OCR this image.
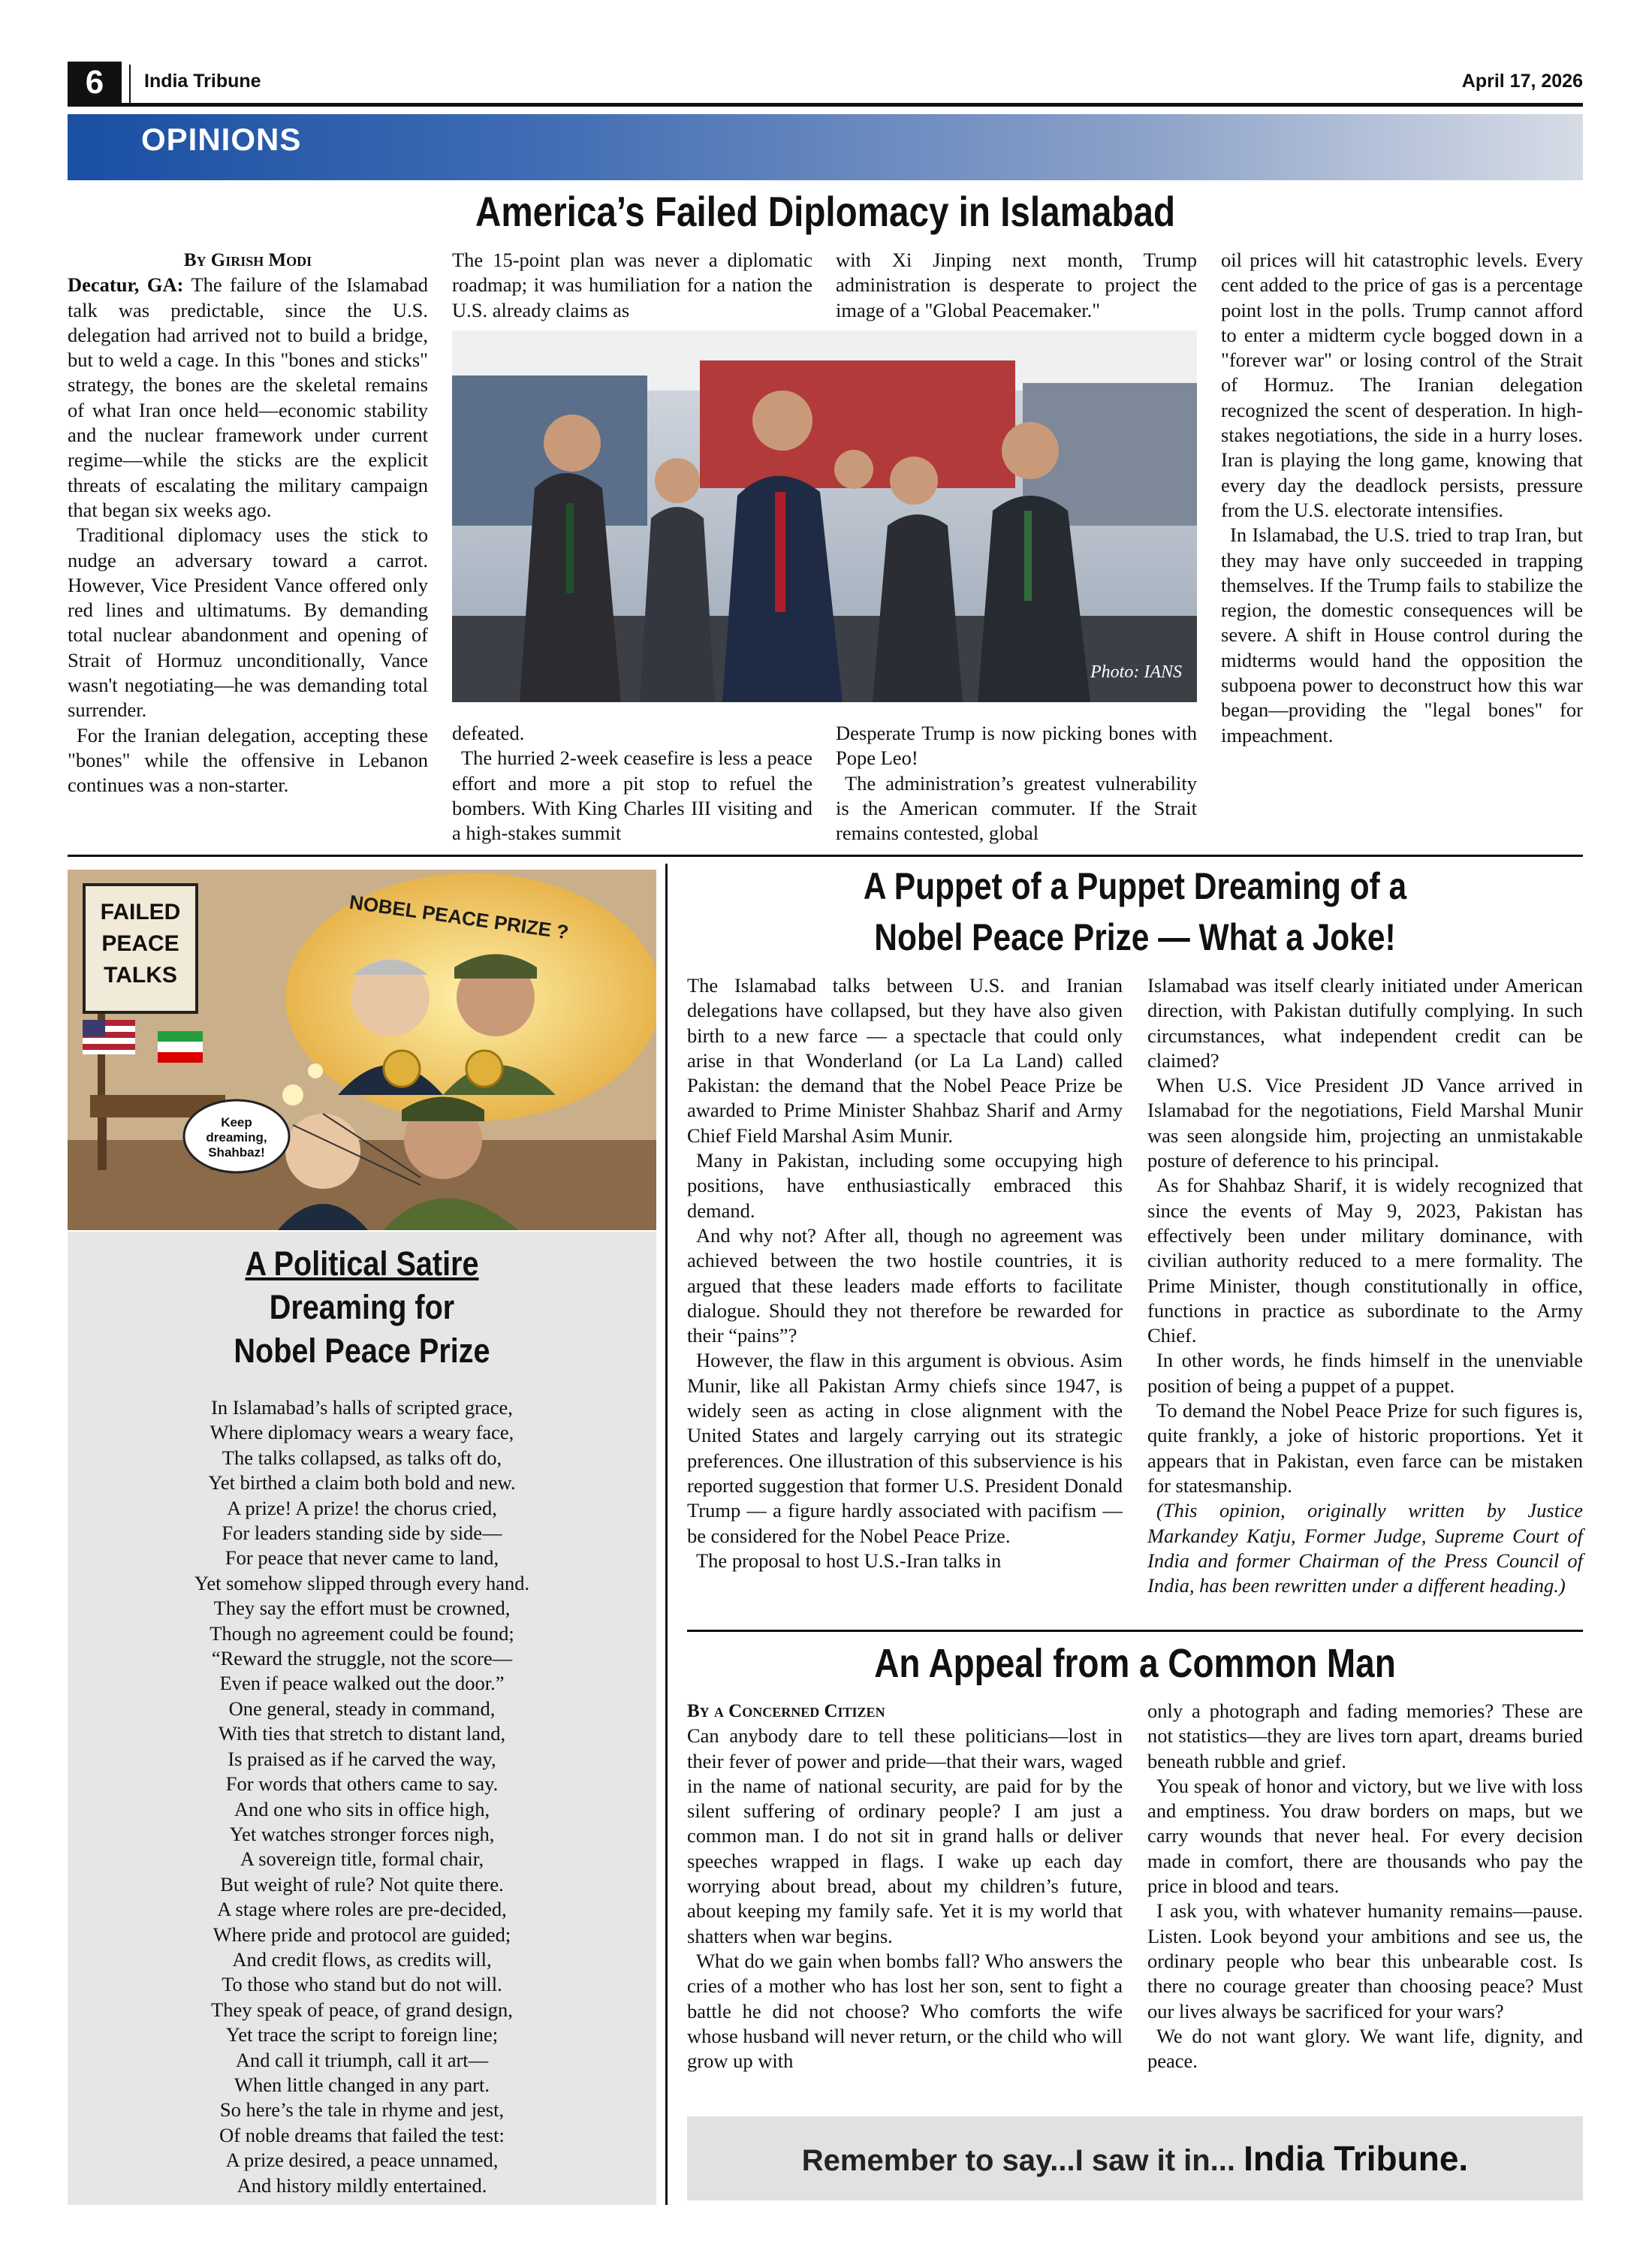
6	India Tribune	April 17, 2026
OPINIONS
America’s Failed Diplomacy in Islamabad
By Girish Modi

Decatur, GA: The failure of the Islamabad talk was predictable, since the U.S. delegation had arrived not to build a bridge, but to weld a cage. In this "bones and sticks" strategy, the bones are the skeletal remains of what Iran once held—economic stability and the nuclear framework under current regime—while the sticks are the explicit threats of escalating the military campaign that began six weeks ago.

Traditional diplomacy uses the stick to nudge an adversary toward a carrot. However, Vice President Vance offered only red lines and ultimatums. By demanding total nuclear abandonment and opening of Strait of Hormuz unconditionally, Vance wasn't negotiating—he was demanding total surrender.

For the Iranian delegation, accepting these "bones" while the offensive in Lebanon continues was a non-starter.

The 15-point plan was never a diplomatic roadmap; it was humiliation for a nation the U.S. already claims as

with Xi Jinping next month, Trump administration is desperate to project the image of a "Global Peacemaker."

Photo: IANS

defeated.

The hurried 2-week ceasefire is less a peace effort and more a pit stop to refuel the bombers. With King Charles III visiting and a high-stakes summit

Desperate Trump is now picking bones with Pope Leo!

The administration’s greatest vulnerability is the American commuter. If the Strait remains contested, global

oil prices will hit catastrophic levels. Every cent added to the price of gas is a percentage point lost in the polls. Trump cannot afford to enter a midterm cycle bogged down in a "forever war" or losing control of the Strait of Hormuz. The Iranian delegation recognized the scent of desperation. In high-stakes negotiations, the side in a hurry loses. Iran is playing the long game, knowing that every day the deadlock persists, pressure from the U.S. electorate intensifies.

In Islamabad, the U.S. tried to trap Iran, but they may have only succeeded in trapping themselves. If the Trump fails to stabilize the region, the domestic consequences will be severe. A shift in House control during the midterms would hand the opposition the subpoena power to deconstruct how this war began—providing the "legal bones" for impeachment.

FAILED
PEACE
TALKS
NOBEL PEACE PRIZE ?
Keep
dreaming,
Shahbaz!
A Political Satire
Dreaming for
Nobel Peace Prize
In Islamabad’s halls of scripted grace,
Where diplomacy wears a weary face,
The talks collapsed, as talks oft do,
Yet birthed a claim both bold and new.
A prize! A prize! the chorus cried,
For leaders standing side by side—
For peace that never came to land,
Yet somehow slipped through every hand.
They say the effort must be crowned,
Though no agreement could be found;
“Reward the struggle, not the score—
Even if peace walked out the door.”
One general, steady in command,
With ties that stretch to distant land,
Is praised as if he carved the way,
For words that others came to say.
And one who sits in office high,
Yet watches stronger forces nigh,
A sovereign title, formal chair,
But weight of rule? Not quite there.
A stage where roles are pre-decided,
Where pride and protocol are guided;
And credit flows, as credits will,
To those who stand but do not will.
They speak of peace, of grand design,
Yet trace the script to foreign line;
And call it triumph, call it art—
When little changed in any part.
So here’s the tale in rhyme and jest,
Of noble dreams that failed the test:
A prize desired, a peace unnamed,
And history mildly entertained.
A Puppet of a Puppet Dreaming of a
Nobel Peace Prize — What a Joke!

The Islamabad talks between U.S. and Iranian delegations have collapsed, but they have also given birth to a new farce — a spectacle that could only arise in that Wonderland (or La La Land) called Pakistan: the demand that the Nobel Peace Prize be awarded to Prime Minister Shahbaz Sharif and Army Chief Field Marshal Asim Munir.

Many in Pakistan, including some occupying high positions, have enthusiastically embraced this demand.

And why not? After all, though no agreement was achieved between the two hostile countries, it is argued that these leaders made efforts to facilitate dialogue. Should they not therefore be rewarded for their “pains”?

However, the flaw in this argument is obvious. Asim Munir, like all Pakistan Army chiefs since 1947, is widely seen as acting in close alignment with the United States and largely carrying out its strategic preferences. One illustration of this subservience is his reported suggestion that former U.S. President Donald Trump — a figure hardly associated with pacifism — be considered for the Nobel Peace Prize.

The proposal to host U.S.-Iran talks in

Islamabad was itself clearly initiated under American direction, with Pakistan dutifully complying. In such circumstances, what independent credit can be claimed?

When U.S. Vice President JD Vance arrived in Islamabad for the negotiations, Field Marshal Munir was seen alongside him, projecting an unmistakable posture of deference to his principal.

As for Shahbaz Sharif, it is widely recognized that since the events of May 9, 2023, Pakistan has effectively been under military dominance, with civilian authority reduced to a mere formality. The Prime Minister, though constitutionally in office, functions in practice as subordinate to the Army Chief.

In other words, he finds himself in the unenviable position of being a puppet of a puppet.

To demand the Nobel Peace Prize for such figures is, quite frankly, a joke of historic proportions. Yet it appears that in Pakistan, even farce can be mistaken for statesmanship.

(This opinion, originally written by Justice Markandey Katju, Former Judge, Supreme Court of India and former Chairman of the Press Council of India, has been rewritten under a different heading.)

An Appeal from a Common Man
By a Concerned Citizen

Can anybody dare to tell these politicians—lost in their fever of power and pride—that their wars, waged in the name of national security, are paid for by the silent suffering of ordinary people? I am just a common man. I do not sit in grand halls or deliver speeches wrapped in flags. I wake up each day worrying about bread, about my children’s future, about keeping my family safe. Yet it is my world that shatters when war begins.

What do we gain when bombs fall? Who answers the cries of a mother who has lost her son, sent to fight a battle he did not choose? Who comforts the wife whose husband will never return, or the child who will grow up with

only a photograph and fading memories? These are not statistics—they are lives torn apart, dreams buried beneath rubble and grief.

You speak of honor and victory, but we live with loss and emptiness. You draw borders on maps, but we carry wounds that never heal. For every decision made in comfort, there are thousands who pay the price in blood and tears.

I ask you, with whatever humanity remains—pause. Listen. Look beyond your ambitions and see us, the ordinary people who bear this unbearable cost. Is there no courage greater than choosing peace? Must our lives always be sacrificed for your wars?

We do not want glory. We want life, dignity, and peace.

Remember to say...I saw it in... India Tribune.
